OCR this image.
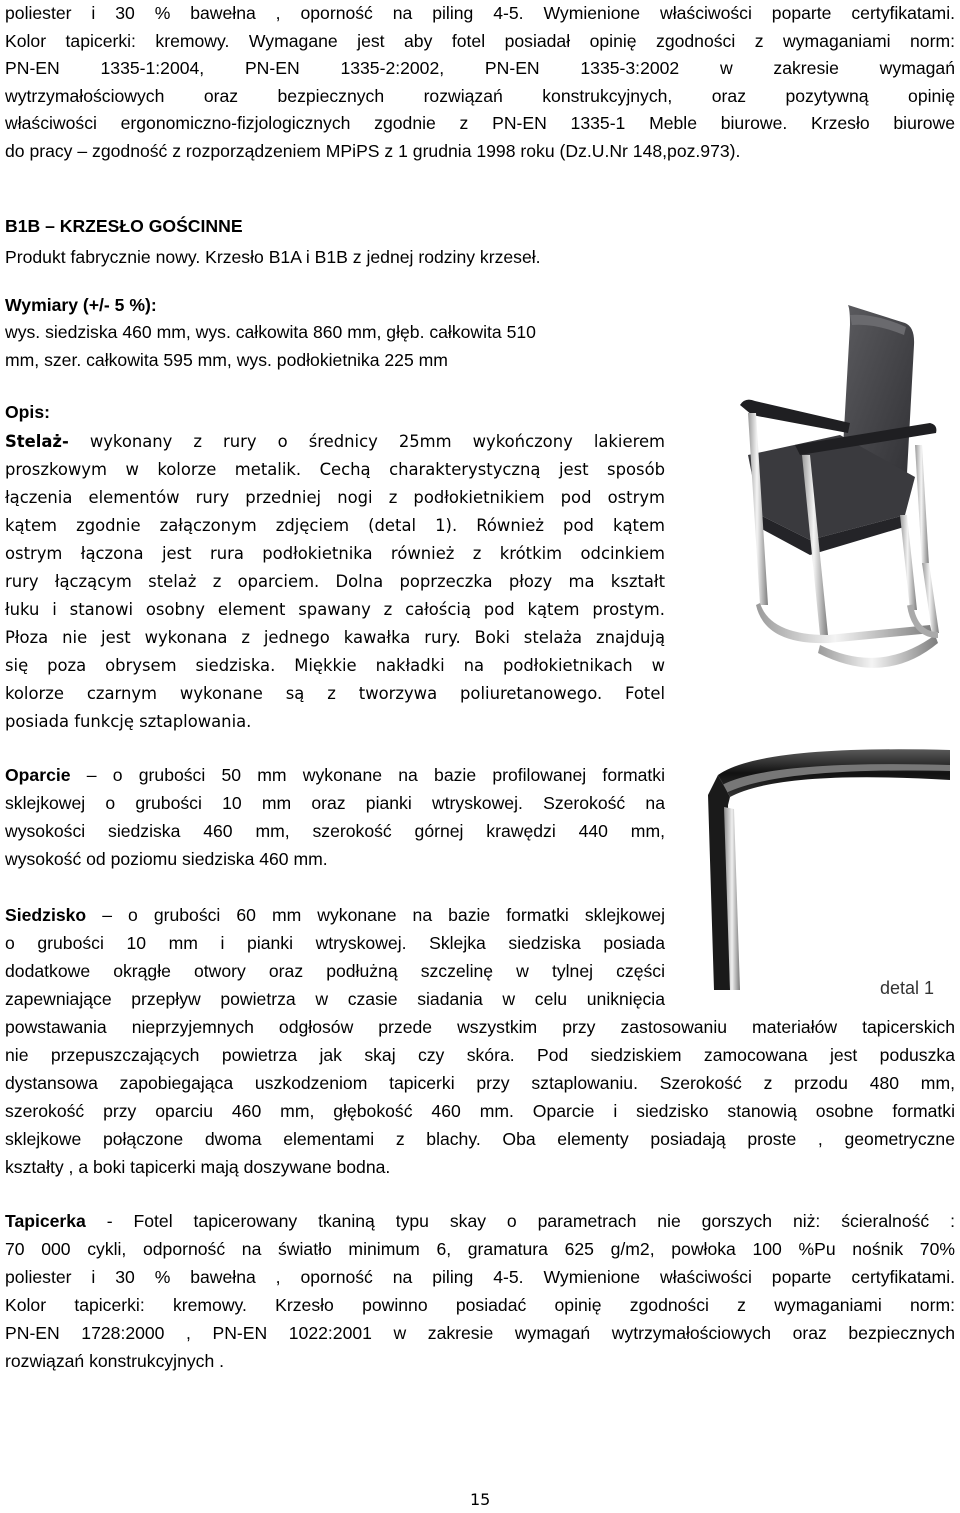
poliester i 30 % bawełna , oporność na piling 4-5. Wymienione właściwości poparte certyfikatami.
Kolor tapicerki: kremowy. Wymagane jest aby fotel posiadał opinię zgodności z wymaganiami norm:
PN-EN 1335-1:2004, PN-EN 1335-2:2002, PN-EN 1335-3:2002 w zakresie wymagań
wytrzymałościowych oraz bezpiecznych rozwiązań konstrukcyjnych, oraz pozytywną opinię
właściwości ergonomiczno-fizjologicznych zgodnie z PN-EN 1335-1 Meble biurowe. Krzesło biurowe
do pracy – zgodność z rozporządzeniem MPiPS z 1 grudnia 1998 roku (Dz.U.Nr 148,poz.973).

B1B – KRZESŁO GOŚCINNE

Produkt fabrycznie nowy. Krzesło B1A i B1B z jednej rodziny krzeseł.

Wymiary (+/- 5 %):

wys. siedziska 460 mm, wys. całkowita 860 mm, głęb. całkowita 510
mm, szer. całkowita 595 mm, wys. podłokietnika 225 mm

Opis:

Stelaż- wykonany z rury o średnicy 25mm wykończony lakierem
proszkowym w kolorze metalik. Cechą charakterystyczną jest sposób
łączenia elementów rury przedniej nogi z podłokietnikiem pod ostrym
kątem zgodnie załączonym zdjęciem (detal 1). Również pod kątem
ostrym łączona jest rura podłokietnika również z krótkim odcinkiem
rury łączącym stelaż z oparciem. Dolna poprzeczka płozy ma kształt
łuku i stanowi osobny element spawany z całością pod kątem prostym.
Płoza nie jest wykonana z jednego kawałka rury. Boki stelaża znajdują
się poza obrysem siedziska. Miękkie nakładki na podłokietnikach w
kolorze czarnym wykonane są z tworzywa poliuretanowego. Fotel
posiada funkcję sztaplowania.
Oparcie – o grubości 50 mm wykonane na bazie profilowanej formatki
sklejkowej o grubości 10 mm oraz pianki wtryskowej. Szerokość na
wysokości siedziska 460 mm, szerokość górnej krawędzi 440 mm,
wysokość od poziomu siedziska 460 mm.
Siedzisko – o grubości 60 mm wykonane na bazie formatki sklejkowej
o grubości 10 mm i pianki wtryskowej. Sklejka siedziska posiada
dodatkowe okrągłe otwory oraz podłużną szczelinę w tylnej części
zapewniające przepływ powietrza w czasie siadania w celu uniknięcia
powstawania nieprzyjemnych odgłosów przede wszystkim przy zastosowaniu materiałów tapicerskich
nie przepuszczających powietrza jak skaj czy skóra. Pod siedziskiem zamocowana jest poduszka
dystansowa zapobiegająca uszkodzeniom tapicerki przy sztaplowaniu. Szerokość z przodu 480 mm,
szerokość przy oparciu 460 mm, głębokość 460 mm. Oparcie i siedzisko stanowią osobne formatki
sklejkowe połączone dwoma elementami z blachy. Oba elementy posiadają proste , geometryczne
kształty , a boki tapicerki mają doszywane bodna.
Tapicerka - Fotel tapicerowany tkaniną typu skay o parametrach nie gorszych niż: ścieralność :
70 000 cykli, odporność na światło minimum 6, gramatura 625 g/m2, powłoka 100 %Pu nośnik 70%
poliester i 30 % bawełna , oporność na piling 4-5. Wymienione właściwości poparte certyfikatami.
Kolor tapicerki: kremowy. Krzesło powinno posiadać opinię zgodności z wymaganiami norm:
PN-EN 1728:2000 , PN-EN 1022:2001 w zakresie wymagań wytrzymałościowych oraz bezpiecznych
rozwiązań konstrukcyjnych .
detal 1
15
